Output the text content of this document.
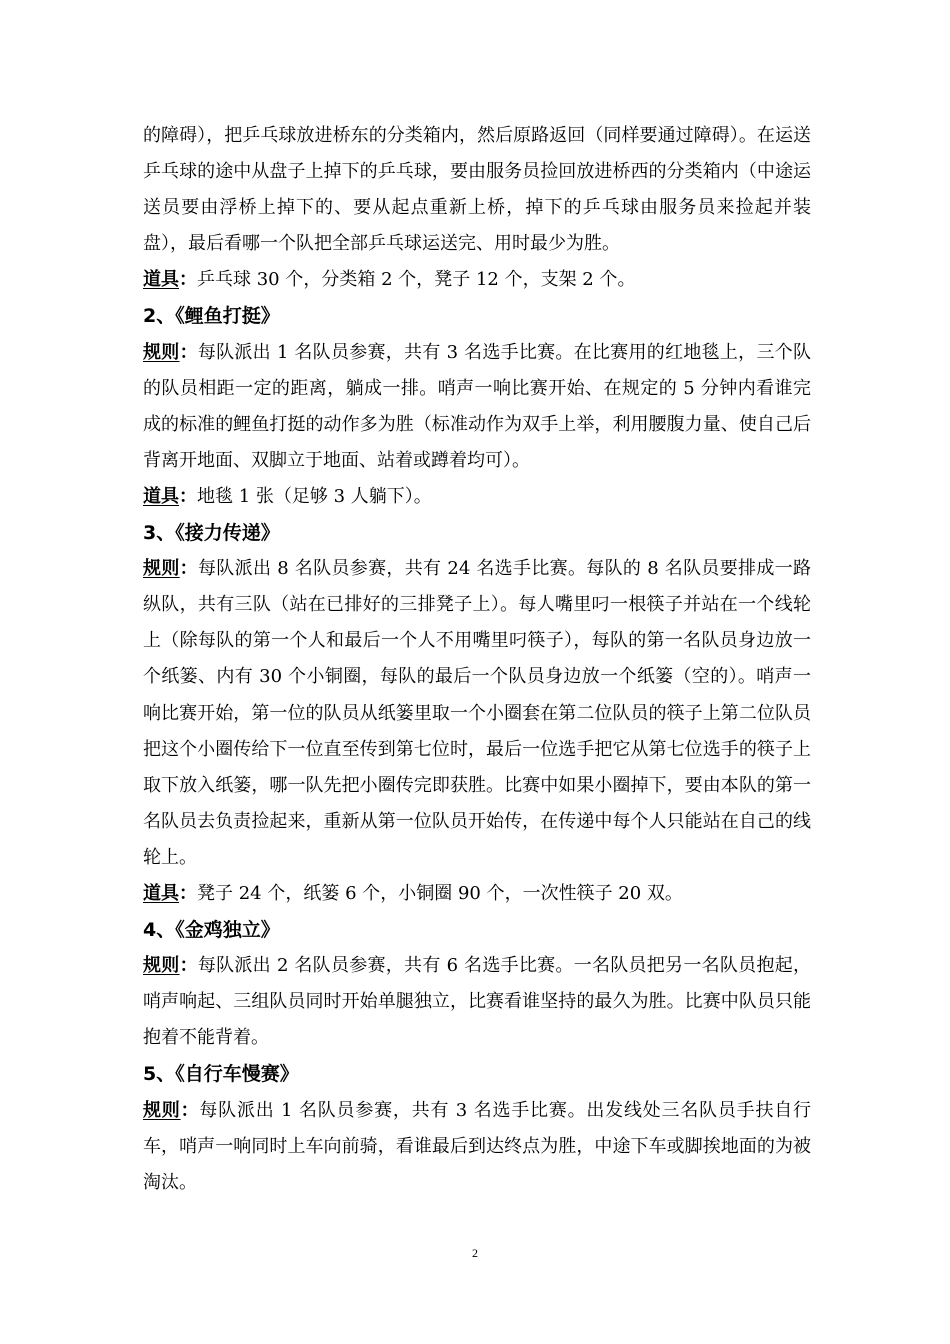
的障碍），把乒乓球放进桥东的分类箱内，然后原路返回（同样要通过障碍）。在运送乒乓球的途中从盘子上掉下的乒乓球，要由服务员捡回放进桥西的分类箱内（中途运送员要由浮桥上掉下的、要从起点重新上桥，掉下的乒乓球由服务员来捡起并装盘），最后看哪一个队把全部乒乓球运送完、用时最少为胜。

道具：乒乓球 30 个，分类箱 2 个，凳子 12 个，支架 2 个。

2、《鲤鱼打挺》

规则：每队派出 1 名队员参赛，共有 3 名选手比赛。在比赛用的红地毯上，三个队的队员相距一定的距离，躺成一排。哨声一响比赛开始、在规定的 5 分钟内看谁完成的标准的鲤鱼打挺的动作多为胜（标准动作为双手上举，利用腰腹力量、使自己后背离开地面、双脚立于地面、站着或蹲着均可）。

道具：地毯 1 张（足够 3 人躺下）。

3、《接力传递》

规则：每队派出 8 名队员参赛，共有 24 名选手比赛。每队的 8 名队员要排成一路纵队，共有三队（站在已排好的三排凳子上）。每人嘴里叼一根筷子并站在一个线轮上（除每队的第一个人和最后一个人不用嘴里叼筷子），每队的第一名队员身边放一个纸篓、内有 30 个小铜圈，每队的最后一个队员身边放一个纸篓（空的）。哨声一响比赛开始，第一位的队员从纸篓里取一个小圈套在第二位队员的筷子上第二位队员把这个小圈传给下一位直至传到第七位时，最后一位选手把它从第七位选手的筷子上取下放入纸篓，哪一队先把小圈传完即获胜。比赛中如果小圈掉下，要由本队的第一名队员去负责捡起来，重新从第一位队员开始传，在传递中每个人只能站在自己的线轮上。

道具：凳子 24 个，纸篓 6 个，小铜圈 90 个，一次性筷子 20 双。

4、《金鸡独立》

规则：每队派出 2 名队员参赛，共有 6 名选手比赛。一名队员把另一名队员抱起，哨声响起、三组队员同时开始单腿独立，比赛看谁坚持的最久为胜。比赛中队员只能抱着不能背着。

5、《自行车慢赛》

规则：每队派出 1 名队员参赛，共有 3 名选手比赛。出发线处三名队员手扶自行车，哨声一响同时上车向前骑，看谁最后到达终点为胜，中途下车或脚挨地面的为被淘汰。

2
